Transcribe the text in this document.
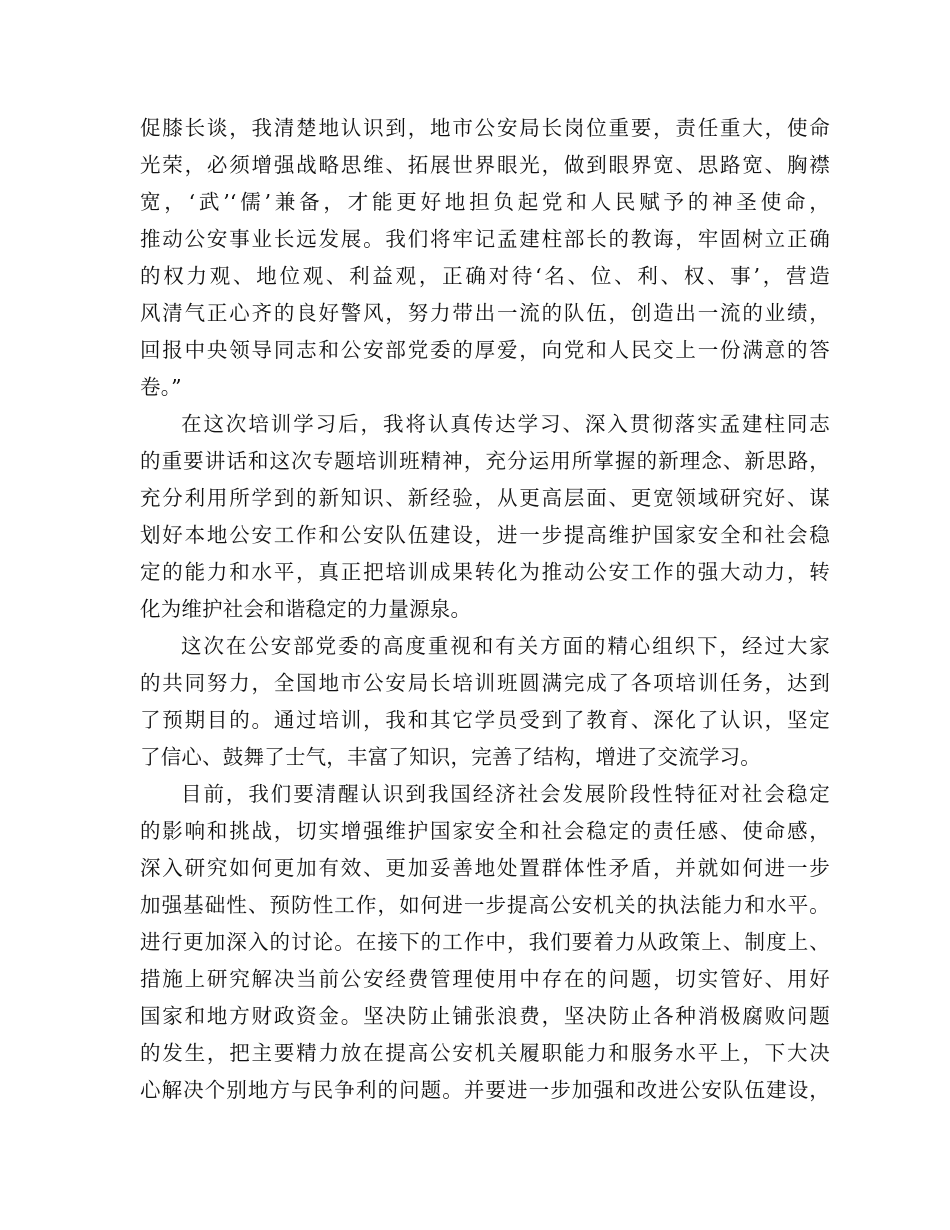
促膝长谈，我清楚地认识到，地市公安局长岗位重要，责任重大，使命
光荣，必须增强战略思维、拓展世界眼光，做到眼界宽、思路宽、胸襟
宽，‘武’‘儒’兼备，才能更好地担负起党和人民赋予的神圣使命，
推动公安事业长远发展。我们将牢记孟建柱部长的教诲，牢固树立正确
的权力观、地位观、利益观，正确对待‘名、位、利、权、事’，营造
风清气正心齐的良好警风，努力带出一流的队伍，创造出一流的业绩，
回报中央领导同志和公安部党委的厚爱，向党和人民交上一份满意的答
卷。”
在这次培训学习后，我将认真传达学习、深入贯彻落实孟建柱同志
的重要讲话和这次专题培训班精神，充分运用所掌握的新理念、新思路，
充分利用所学到的新知识、新经验，从更高层面、更宽领域研究好、谋
划好本地公安工作和公安队伍建设，进一步提高维护国家安全和社会稳
定的能力和水平，真正把培训成果转化为推动公安工作的强大动力，转
化为维护社会和谐稳定的力量源泉。
这次在公安部党委的高度重视和有关方面的精心组织下，经过大家
的共同努力，全国地市公安局长培训班圆满完成了各项培训任务，达到
了预期目的。通过培训，我和其它学员受到了教育、深化了认识，坚定
了信心、鼓舞了士气，丰富了知识，完善了结构，增进了交流学习。
目前，我们要清醒认识到我国经济社会发展阶段性特征对社会稳定
的影响和挑战，切实增强维护国家安全和社会稳定的责任感、使命感，
深入研究如何更加有效、更加妥善地处置群体性矛盾，并就如何进一步
加强基础性、预防性工作，如何进一步提高公安机关的执法能力和水平。
进行更加深入的讨论。在接下的工作中，我们要着力从政策上、制度上、
措施上研究解决当前公安经费管理使用中存在的问题，切实管好、用好
国家和地方财政资金。坚决防止铺张浪费，坚决防止各种消极腐败问题
的发生，把主要精力放在提高公安机关履职能力和服务水平上，下大决
心解决个别地方与民争利的问题。并要进一步加强和改进公安队伍建设，
